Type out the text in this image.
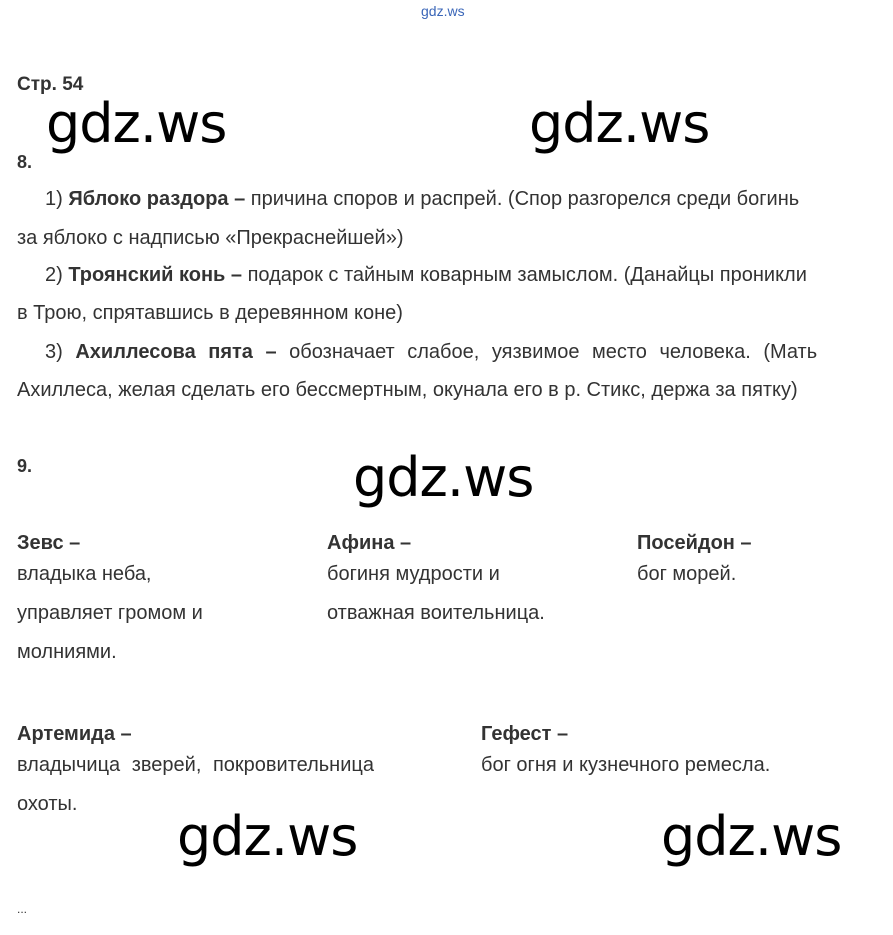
gdz.ws
Стр. 54
gdz.ws	gdz.ws
gdz.ws
gdz.ws	gdz.ws
8.
1) Яблоко раздора – причина споров и распрей. (Спор разгорелся среди богинь
за яблоко с надписью «Прекраснейшей»)
2) Троянский конь – подарок с тайным коварным замыслом. (Данайцы проникли
в Трою, спрятавшись в деревянном коне)
3) Ахиллесова пята – обозначает слабое, уязвимое место человека. (Мать
Ахиллеса, желая сделать его бессмертным, окунала его в р. Стикс, держа за пятку)
9.
Зевс –
владыка неба,
управляет громом и
молниями.
Афина –
богиня мудрости и
отважная воительница.
Посейдон –
бог морей.
Артемида –
владычица зверей, покровительница
охоты.
Гефест –
бог огня и кузнечного ремесла.
...
